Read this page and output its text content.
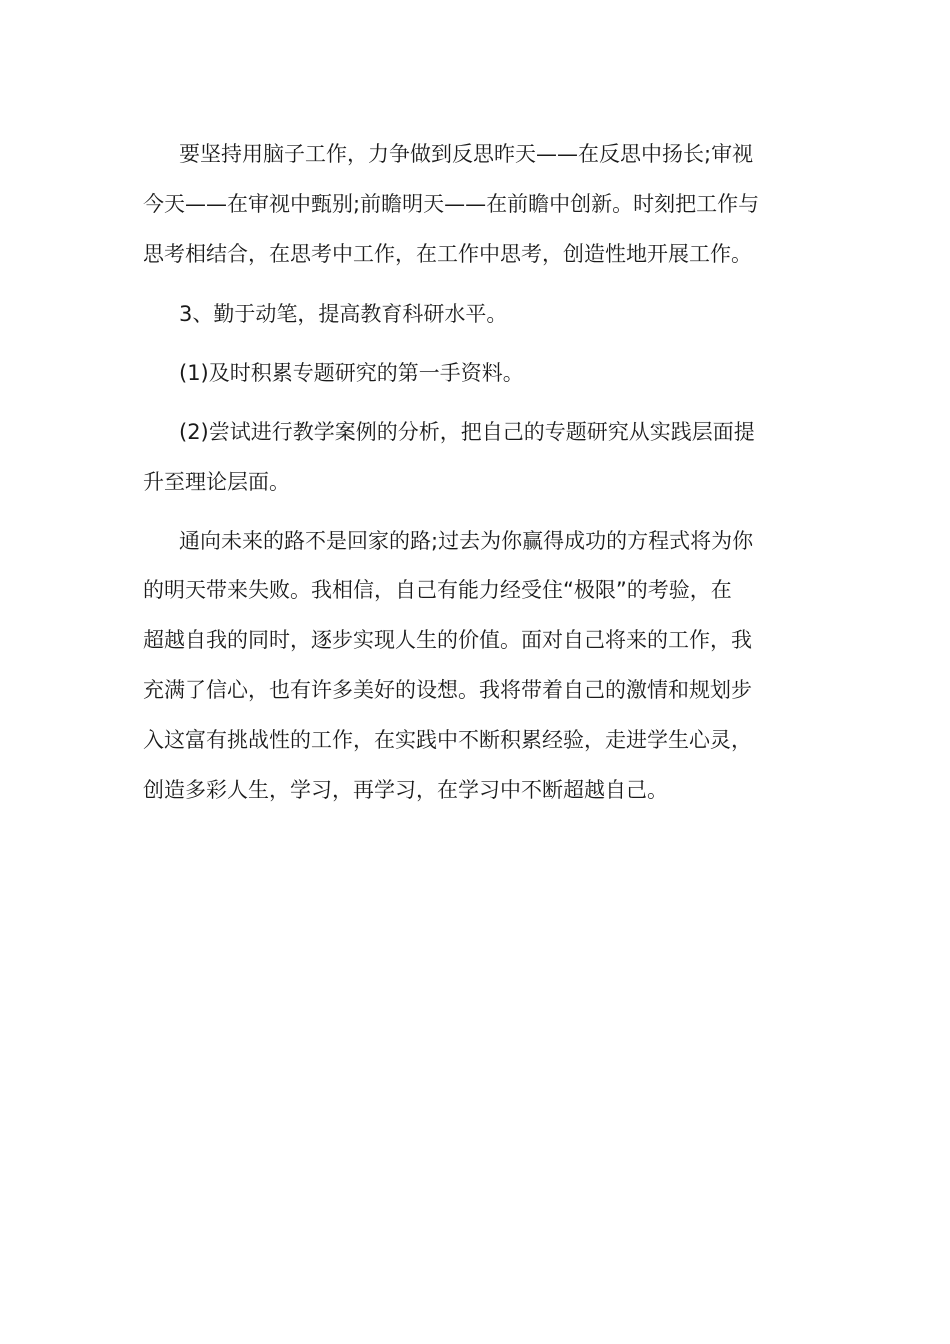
要坚持用脑子工作，力争做到反思昨天——在反思中扬长;审视
今天——在审视中甄别;前瞻明天——在前瞻中创新。时刻把工作与
思考相结合，在思考中工作，在工作中思考，创造性地开展工作。
3、勤于动笔，提高教育科研水平。
(1)及时积累专题研究的第一手资料。
(2)尝试进行教学案例的分析，把自己的专题研究从实践层面提
升至理论层面。
通向未来的路不是回家的路;过去为你赢得成功的方程式将为你
的明天带来失败。我相信，自己有能力经受住“极限”的考验，在
超越自我的同时，逐步实现人生的价值。面对自己将来的工作，我
充满了信心，也有许多美好的设想。我将带着自己的激情和规划步
入这富有挑战性的工作，在实践中不断积累经验，走进学生心灵，
创造多彩人生，学习，再学习，在学习中不断超越自己。
